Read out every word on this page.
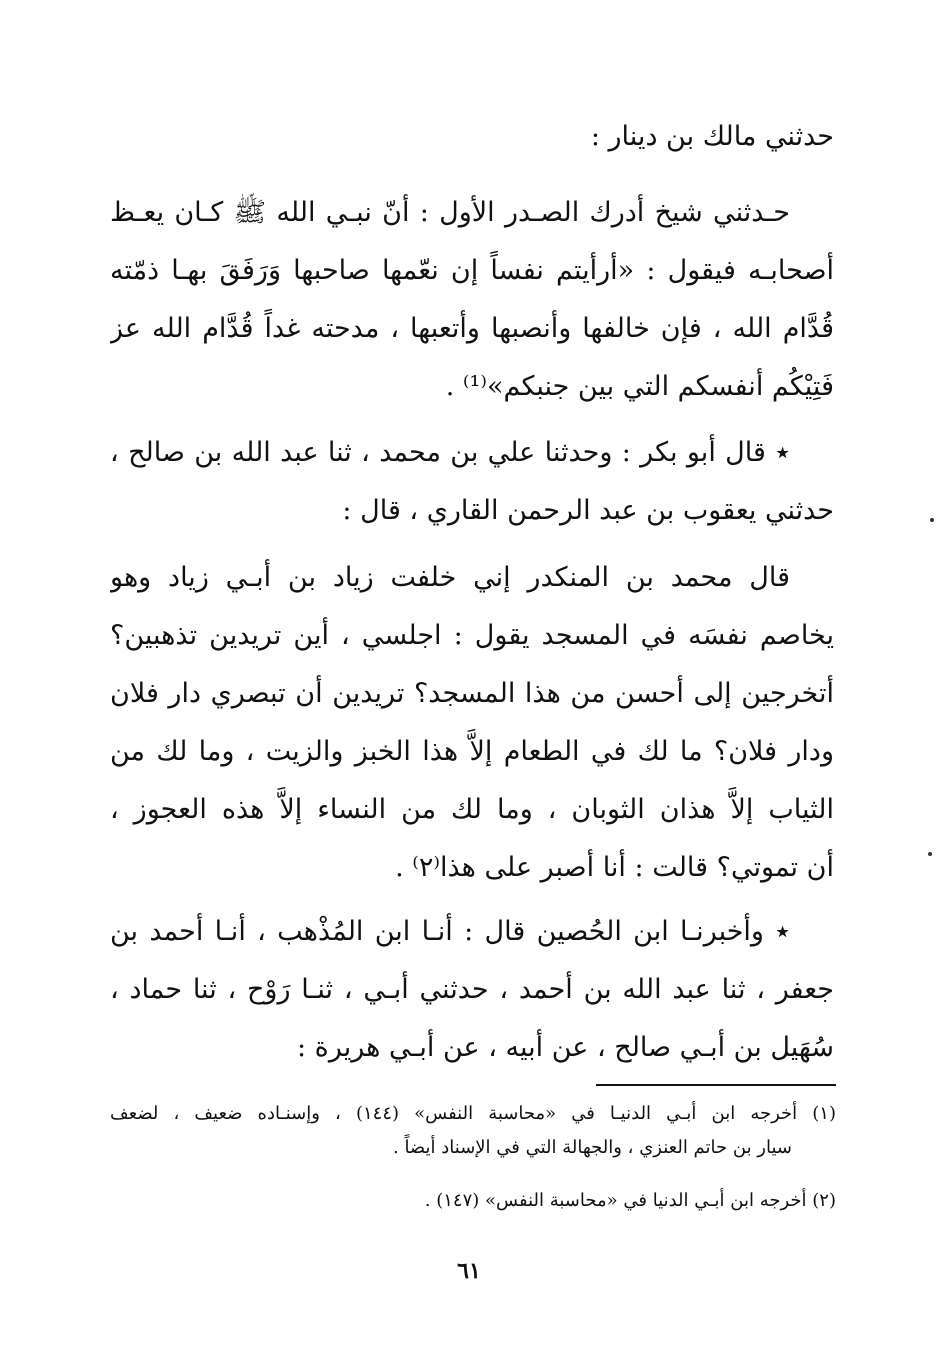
حدثني مالك بن دينار :
حـدثني شيخ أدرك الصـدر الأول : أنّ نبـي الله ﷺ كـان يعـظ
أصحابـه فيقول : «أرأيتم نفساً إن نعّمها صاحبها وَرَفَقَ بهـا ذمّته
قُدَّام الله ، فإن خالفها وأنصبها وأتعبها ، مدحته غداً قُدَّام الله عز
فَتِيْكُم أنفسكم التي بين جنبكم»⁽¹⁾ .
٭ قال أبو بكر : وحدثنا علي بن محمد ، ثنا عبد الله بن صالح ،
حدثني يعقوب بن عبد الرحمن القاري ، قال :
قال محمد بن المنكدر إني خلفت زياد بن أبـي زياد وهو
يخاصم نفسَه في المسجد يقول : اجلسي ، أين تريدين تذهبين؟
أتخرجين إلى أحسن من هذا المسجد؟ تريدين أن تبصري دار فلان
ودار فلان؟ ما لك في الطعام إلاَّ هذا الخبز والزيت ، وما لك من
الثياب إلاَّ هذان الثوبان ، وما لك من النساء إلاَّ هذه العجوز ،
أن تموتي؟ قالت : أنا أصبر على هذا⁽٢⁾ .
٭ وأخبرنـا ابن الحُصين قال : أنـا ابن المُذْهب ، أنـا أحمد بن
جعفر ، ثنا عبد الله بن أحمد ، حدثني أبـي ، ثنـا رَوْح ، ثنا حماد ،
سُهَيل بن أبـي صالح ، عن أبيه ، عن أبـي هريرة :
(١) أخرجه ابن أبـي الدنيـا في «محاسبة النفس» (١٤٤) ، وإسنـاده ضعيف ، لضعف
سيار بن حاتم العنزي ، والجهالة التي في الإسناد أيضاً .
(٢) أخرجه ابن أبـي الدنيا في «محاسبة النفس» (١٤٧) .
٦١
